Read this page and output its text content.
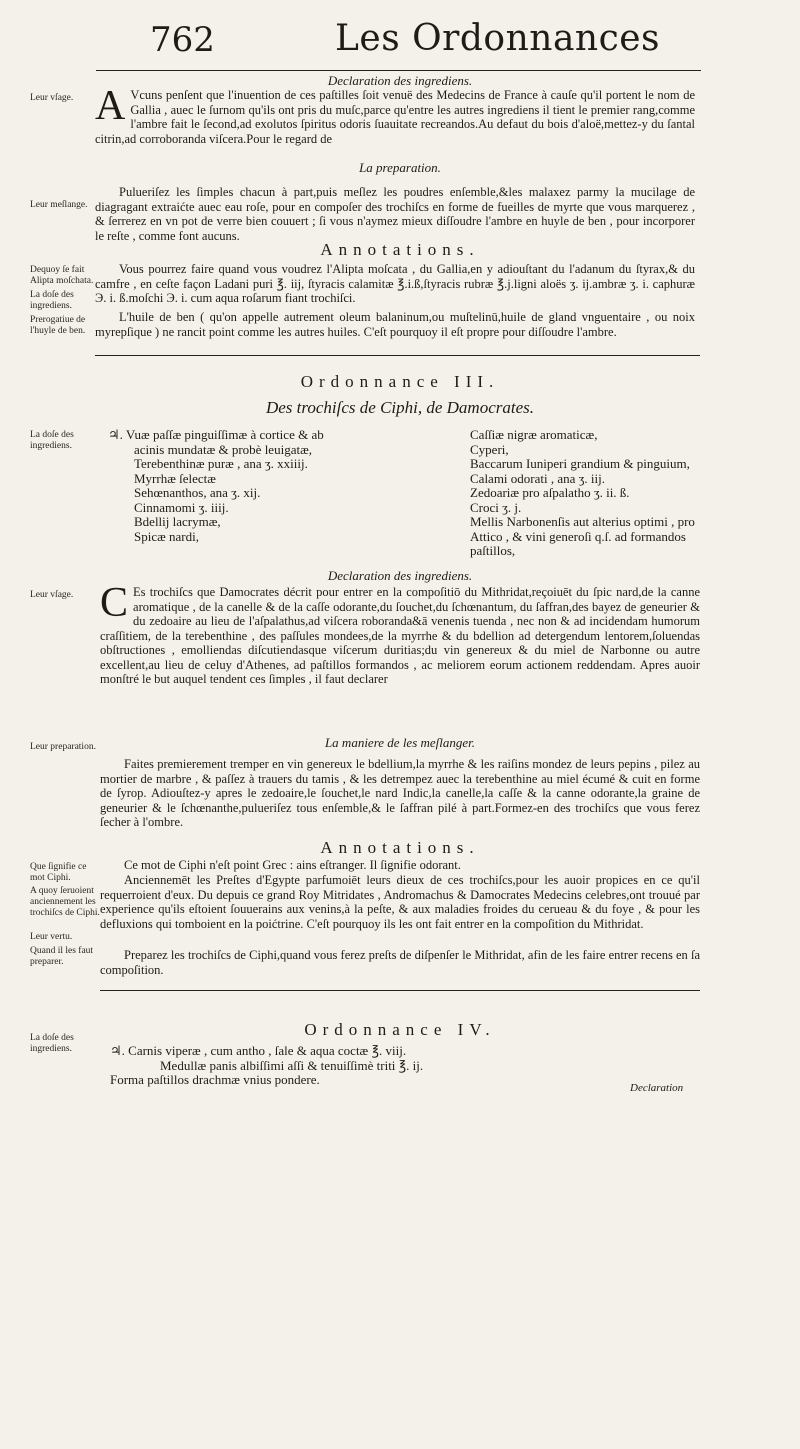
762	Les Ordonnances
Declaration des ingrediens.
Leur vſage. A Vcuns penſent que l'inuention de ces paſtilles ſoit venuë des Medecins de France à cauſe qu'il portent le nom de Gallia , auec le ſurnom qu'ils ont pris du muſc,parce qu'entre les autres ingrediens il tient le premier rang,comme l'ambre fait le ſecond,ad exolutos ſpiritus odoris ſuauitate recreandos.Au defaut du bois d'aloë,mettez-y du ſantal citrin,ad corroborandа viſcera.Pour le regard de
La preparation.
Leur meſlange.
Pulueriſez les ſimples chacun à part,puis meſlez les poudres enſemble,&les malaxez parmy la mucilage de diagragant extraićte auec eau roſe, pour en compoſer des trochiſcs en forme de fueilles de myrte que vous marquerez , & ſerrerez en vn pot de verre bien couuert ; ſi vous n'aymez mieux diſſoudre l'ambre en huyle de ben , pour incorporer le reſte , comme font aucuns.
Annotations.
Dequoy ſe fait Alipta moſchata.
La doſe des ingrediens.
Prerogatiue de l'huyle de ben.
Vous pourrez faire quand vous voudrez l'Alipta moſcata , du Gallia,en y adiouſtant du l'adanum du ſtyrax,& du camfre , en ceſte façon Ladani puri ℥. iij, ſtyracis calamitæ ℥.i.ß,ſtyracis rubræ ℥.j.ligni aloës ʒ. ij.ambræ ʒ. i. caphuræ Э. i. ß.moſchi Э. i. cum aqua roſarum fiant trochiſci.
L'huile de ben ( qu'on appelle autrement oleum balaninum,ou muſtelinū,huile de gland vnguentaire , ou noix myrepſique ) ne rancit point comme les autres huiles. C'eſt pourquoy il eſt propre pour diſſoudre l'ambre.
Ordonnance III.
Des trochiſcs de Ciphi, de Damocrates.
La doſe des ingrediens.
♃. Vuæ paſſæ pinguiſſimæ à cortice & ab
acinis mundatæ & probè leuigatæ,
Terebenthinæ puræ , ana ʒ. xxiiij.
Myrrhæ ſelectæ
Sehœnanthos, ana ʒ. xij.
Cinnamomi ʒ. iiij.
Bdellij lacrymæ,
Spicæ nardi,
Caſſiæ nigræ aromaticæ,
Cyperi,
Baccarum Iuniperi grandium & pinguium,
Calami odorati , ana ʒ. iij.
Zedoariæ pro aſpalatho ʒ. ii. ß.
Croci ʒ. j.
Mellis Narbonenſis aut alterius optimi , pro Attico , & vini generoſi q.ſ. ad formandos paſtillos,
Declaration des ingrediens.
Leur vſage. C Es trochiſcs que Damocrates décrit pour entrer en la compoſitiō du Mithridat,reçoiuēt du ſpic nard,de la canne aromatique , de la canelle & de la caſſe odorante,du ſouchet,du ſchœnantum, du ſaffran,des bayez de geneurier & du zedoaire au lieu de l'aſpalathus,ad viſcera roborandа&ā venenis tuenda , nec non & ad incidendam humorum craſſitiem, de la terebenthine , des paſſules mondees,de la myrrhe & du bdellion ad detergendum lentorem,ſoluendas obſtructiones , emolliendas diſcutiendasque viſcerum duritias;du vin genereux & du miel de Narbonne ou autre excellent,au lieu de celuy d'Athenes, ad paſtillos formandos , ac meliorem eorum actionem reddendam. Apres auoir monſtré le but auquel tendent ces ſimples , il faut declarer
La maniere de les meſlanger.
Leur preparation.
Faites premierement tremper en vin genereux le bdellium,la myrrhe & les raiſins mondez de leurs pepins , pilez au mortier de marbre , & paſſez à trauers du tamis , & les detrempez auec la terebenthine au miel écumé & cuit en forme de ſyrop. Adiouſtez-y apres le zedoaire,le ſouchet,le nard Indic,la canelle,la caſſe & la canne odorante,la graine de geneurier & le ſchœnanthe,pulueriſez tous enſemble,& le ſaffran pilé à part.Formez-en des trochiſcs que vous ferez ſecher à l'ombre.
Annotations.
Que ſignifie ce mot Ciphi.
A quoy ſeruoient anciennement les trochiſcs de Ciphi.
Leur vertu.
Quand il les faut preparer.
Ce mot de Ciphi n'eſt point Grec : ains eſtranger. Il ſignifie odorant.
Anciennemēt les Preſtes d'Egypte parfumoiēt leurs dieux de ces trochiſcs,pour les auoir propices en ce qu'il requerroient d'eux. Du depuis ce grand Roy Mitridates , Andromachus & Damocrates Medecins celebres,ont trouué par experience qu'ils eſtoient ſouuerains aux venins,à la peſte, & aux maladies froides du cerueau & du foye , & pour les defluxions qui tomboient en la poićtrine. C'eſt pourquoy ils les ont fait entrer en la compoſition du Mithridat.
Preparez les trochiſcs de Ciphi,quand vous ferez preſts de diſpenſer le Mithridat, afin de les faire entrer recens en ſa compoſition.
Ordonnance IV.
La doſe des ingrediens.	♃. Carnis viperæ , cum antho , ſale & aqua coctæ ℥. viij.
Medullæ panis albiſſimi aſſi & tenuiſſimè triti ℥. ij.
Forma paſtillos drachmæ vnius pondere.
Declaration
